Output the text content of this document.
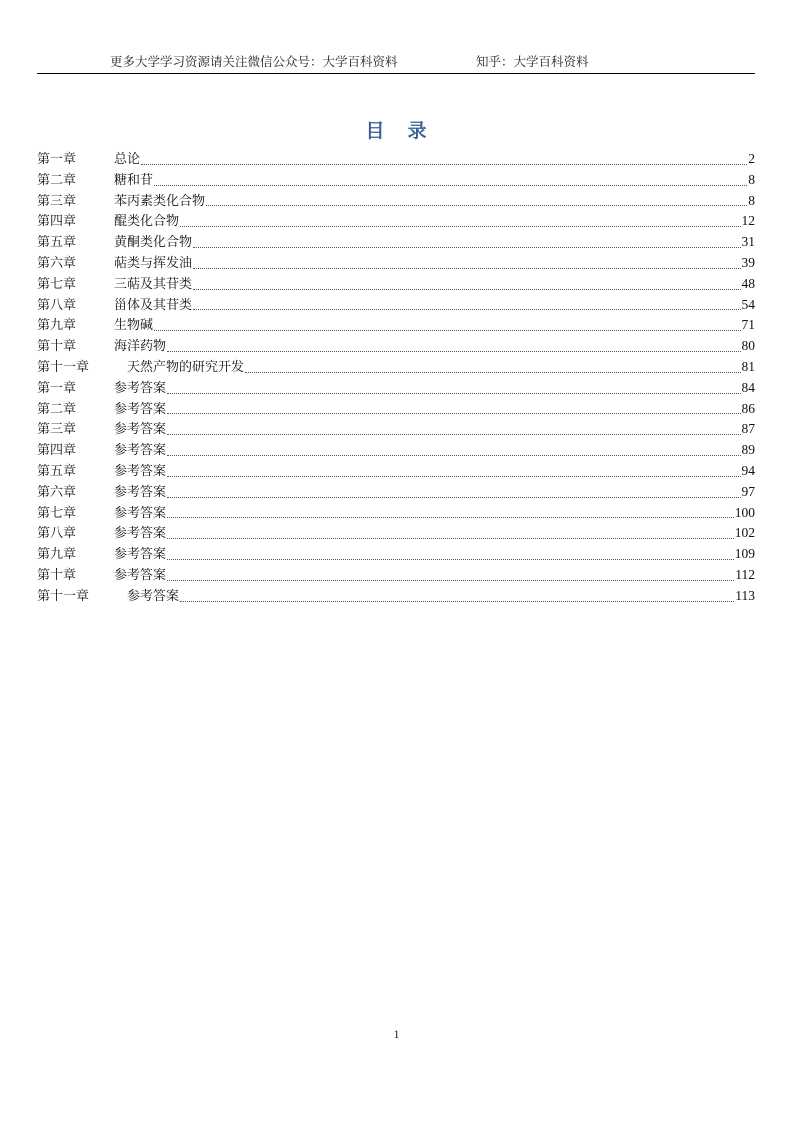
更多大学学习资源请关注微信公众号：大学百科资料	知乎：大学百科资料
目 录
第一章	总论	2
第二章	糖和苷	8
第三章	苯丙素类化合物	8
第四章	醌类化合物	12
第五章	黄酮类化合物	31
第六章	萜类与挥发油	39
第七章	三萜及其苷类	48
第八章	甾体及其苷类	54
第九章	生物碱	71
第十章	海洋药物	80
第十一章	天然产物的研究开发	81
第一章	参考答案	84
第二章	参考答案	86
第三章	参考答案	87
第四章	参考答案	89
第五章	参考答案	94
第六章	参考答案	97
第七章	参考答案	100
第八章	参考答案	102
第九章	参考答案	109
第十章	参考答案	112
第十一章	参考答案	113
1
